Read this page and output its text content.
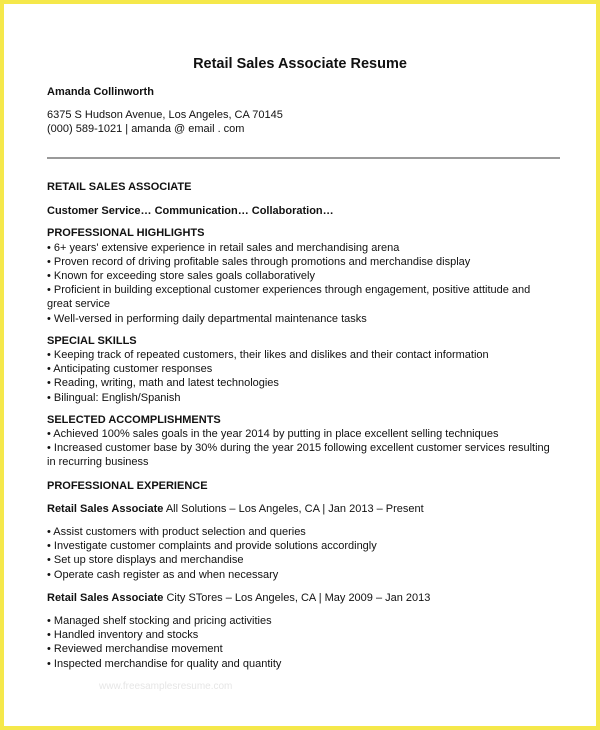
Retail Sales Associate Resume
Amanda Collinworth
6375 S Hudson Avenue, Los Angeles, CA 70145
(000) 589-1021 | amanda @ email . com
RETAIL SALES ASSOCIATE
Customer Service… Communication… Collaboration…
PROFESSIONAL HIGHLIGHTS
• 6+ years' extensive experience in retail sales and merchandising arena
• Proven record of driving profitable sales through promotions and merchandise display
• Known for exceeding store sales goals collaboratively
• Proficient in building exceptional customer experiences through engagement, positive attitude and great service
• Well-versed in performing daily departmental maintenance tasks
SPECIAL SKILLS
• Keeping track of repeated customers, their likes and dislikes and their contact information
• Anticipating customer responses
• Reading, writing, math and latest technologies
• Bilingual: English/Spanish
SELECTED ACCOMPLISHMENTS
• Achieved 100% sales goals in the year 2014 by putting in place excellent selling techniques
• Increased customer base by 30% during the year 2015 following excellent customer services resulting in recurring business
PROFESSIONAL EXPERIENCE
Retail Sales Associate All Solutions – Los Angeles, CA | Jan 2013 – Present
• Assist customers with product selection and queries
• Investigate customer complaints and provide solutions accordingly
• Set up store displays and merchandise
• Operate cash register as and when necessary
Retail Sales Associate City STores – Los Angeles, CA | May 2009 – Jan 2013
• Managed shelf stocking and pricing activities
• Handled inventory and stocks
• Reviewed merchandise movement
• Inspected merchandise for quality and quantity
www.freesamplesresume.com
